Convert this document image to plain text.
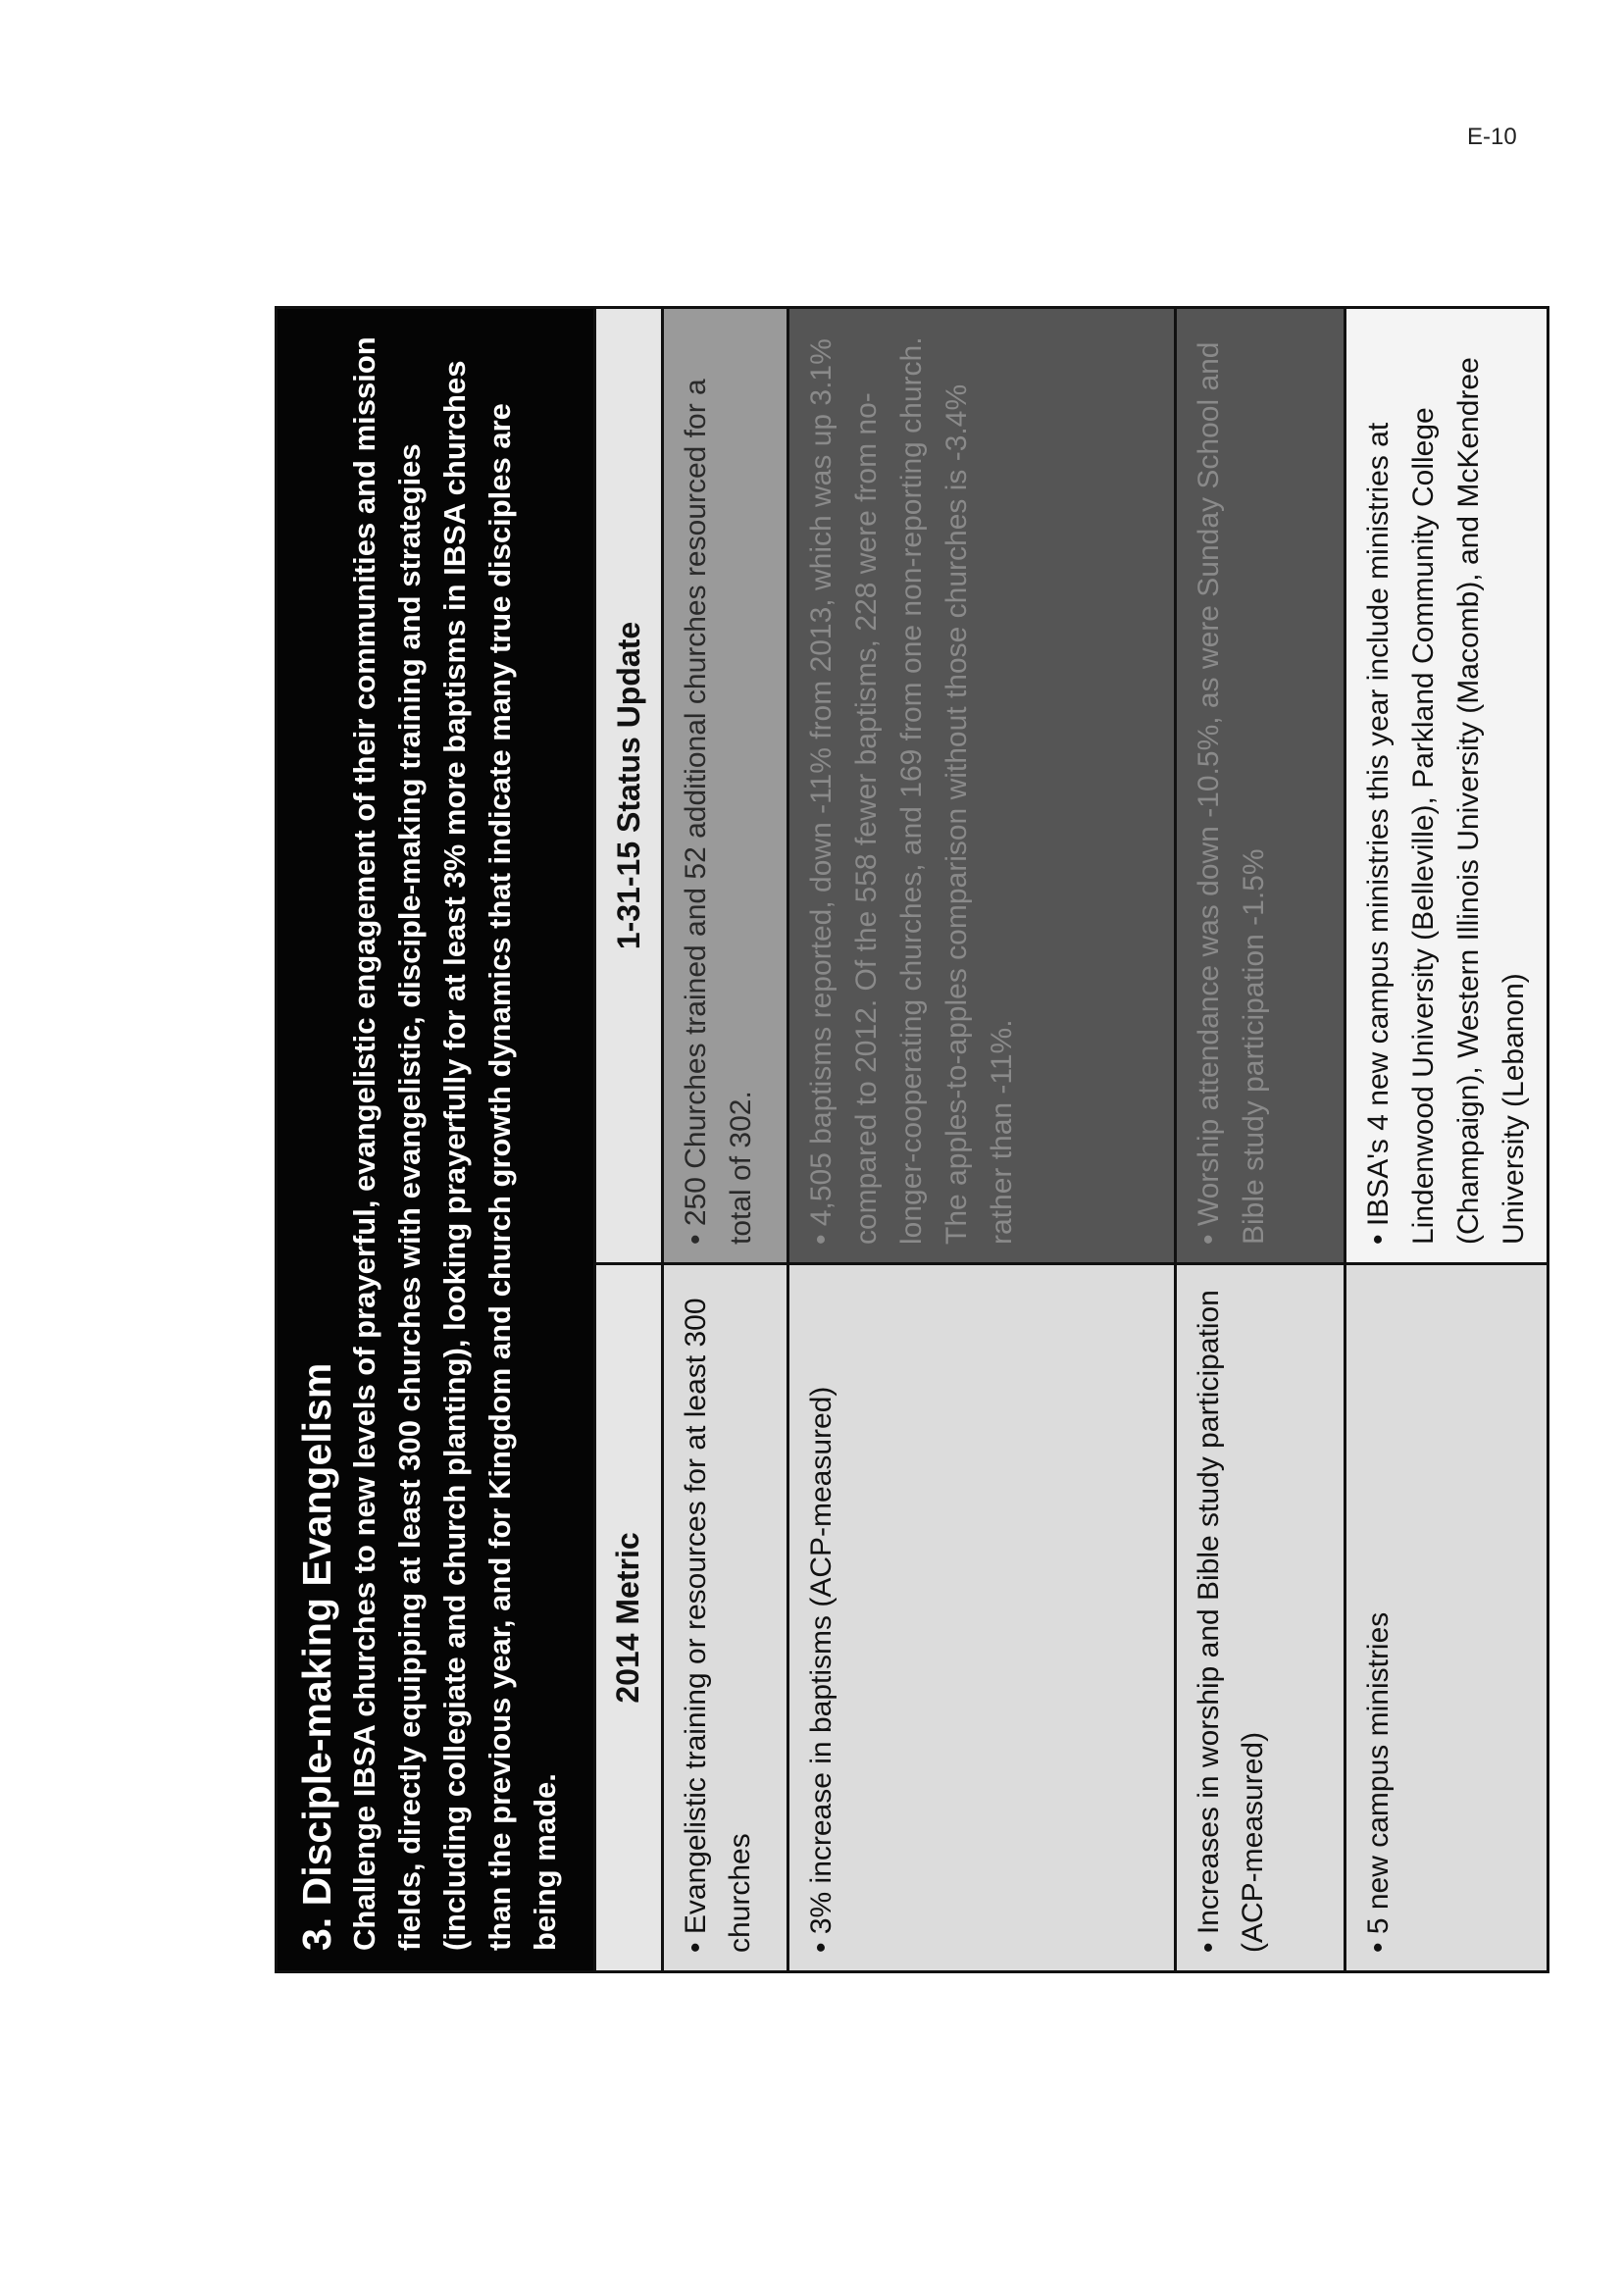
E-10
3. Disciple-making Evangelism Challenge IBSA churches to new levels of prayerful, evangelistic engagement of their communities and mission fields, directly equipping at least 300 churches with evangelistic, disciple-making training and strategies (including collegiate and church planting), looking prayerfully for at least 3% more baptisms in IBSA churches than the previous year, and for Kingdom and church growth dynamics that indicate many true disciples are being made.

2014 Metric
1-31-15 Status Update
• Evangelistic training or resources for at least 300 churches
• 250 Churches trained and 52 additional churches resourced for a total of 302.
• 3% increase in baptisms (ACP-measured)
• 4,505 baptisms reported, down -11% from 2013, which was up 3.1% compared to 2012. Of the 558 fewer baptisms, 228 were from no-longer-cooperating churches, and 169 from one non-reporting church. The apples-to-apples comparison without those churches is -3.4% rather than -11%.
• Increases in worship and Bible study participation (ACP-measured)
• Worship attendance was down -10.5%, as were Sunday School and Bible study participation -1.5%
• 5 new campus ministries
• IBSA's 4 new campus ministries this year include ministries at Lindenwood University (Belleville), Parkland Community College (Champaign), Western Illinois University (Macomb), and McKendree University (Lebanon)
